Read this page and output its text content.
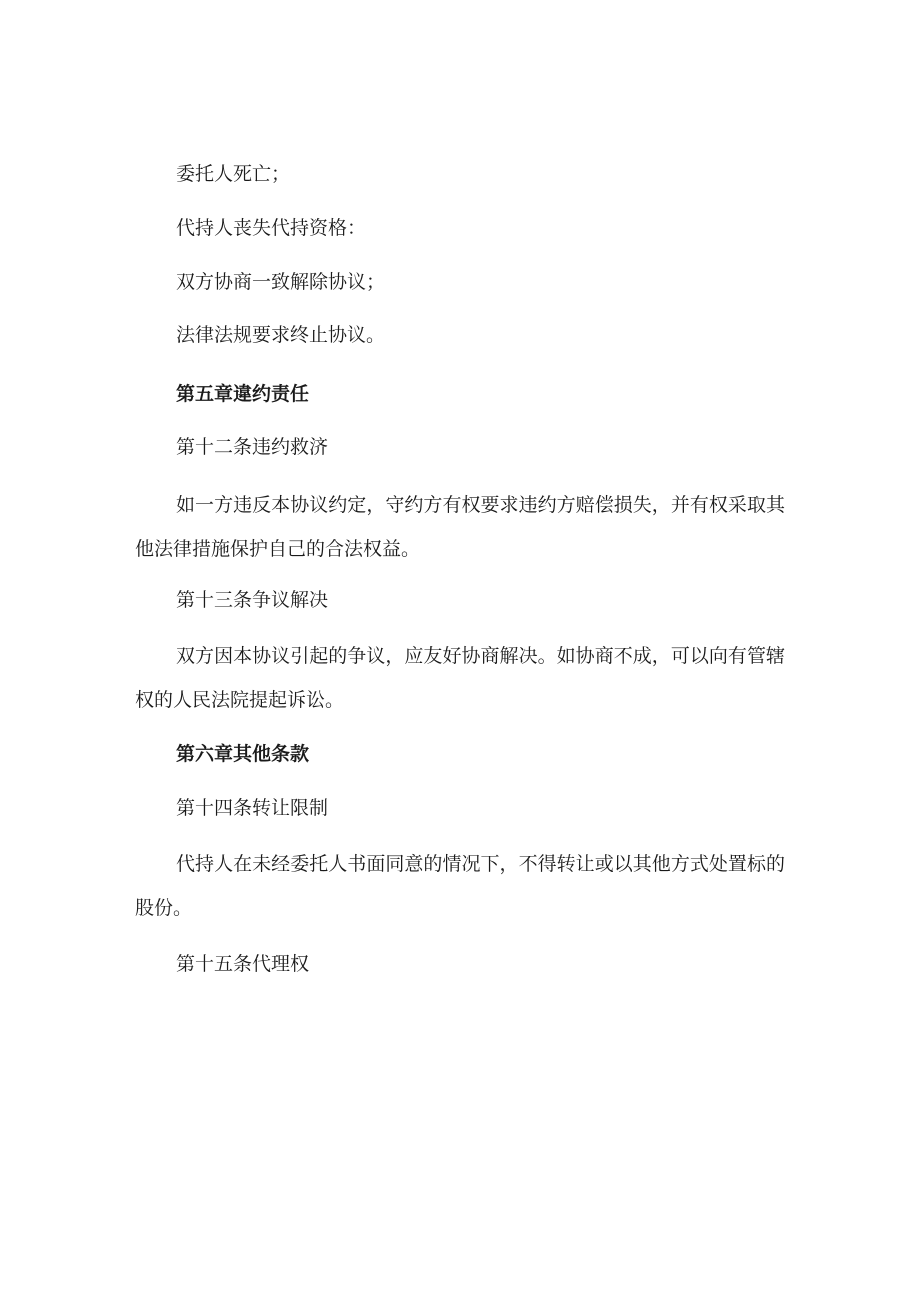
委托人死亡；
代持人丧失代持资格：
双方协商一致解除协议；
法律法规要求终止协议。
第五章違约责任
第十二条违约救济
如一方违反本协议约定，守约方有权要求违约方赔偿损失，并有权采取其他法律措施保护自己的合法权益。
第十三条争议解决
双方因本协议引起的争议，应友好协商解决。如协商不成，可以向有管辖权的人民法院提起诉讼。
第六章其他条款
第十四条转让限制
代持人在未经委托人书面同意的情况下，不得转让或以其他方式处置标的股份。
第十五条代理权
